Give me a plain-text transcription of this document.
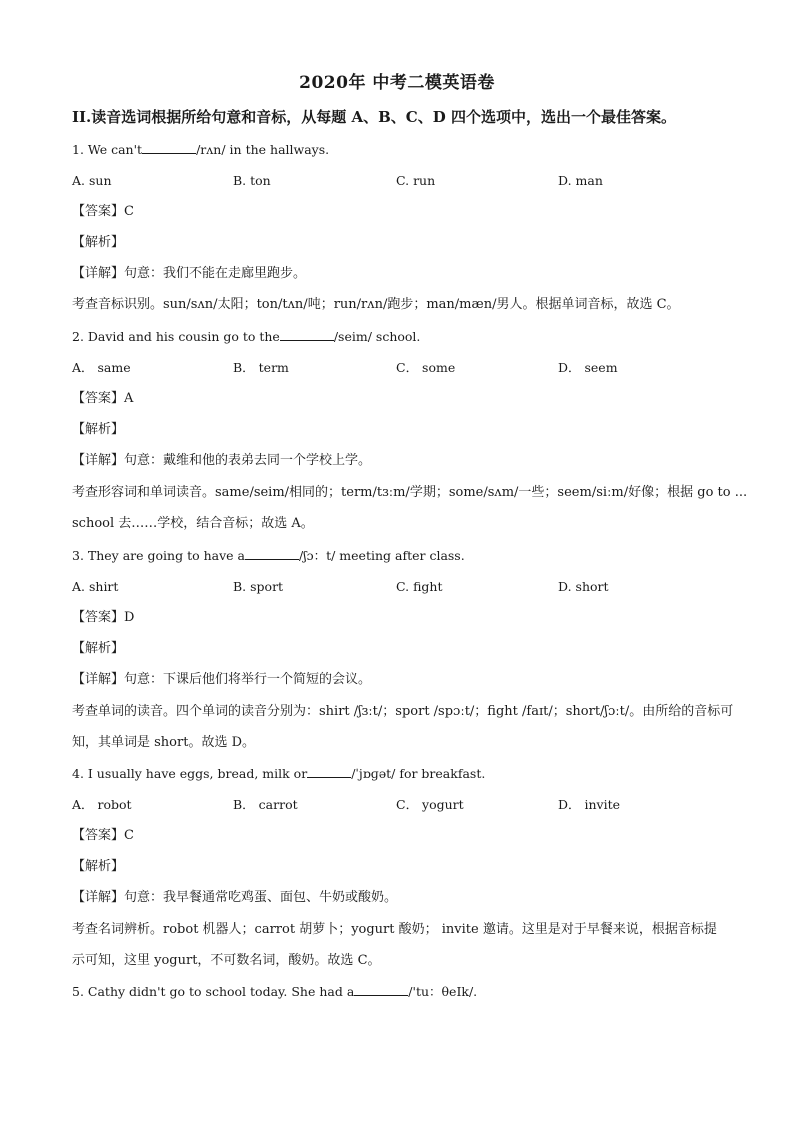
2020年 中考二模英语卷
II.读音选词根据所给句意和音标，从每题 A、B、C、D 四个选项中，选出一个最佳答案。
1. We can't	/rʌn/ in the hallways.
A. sun	B. ton	C. run	D. man
【答案】C
【解析】
【详解】句意：我们不能在走廊里跑步。
考查音标识别。sun/sʌn/太阳；ton/tʌn/吨；run/rʌn/跑步；man/mæn/男人。根据单词音标，故选 C。
2. David and his cousin go to the	/seim/ school.
A． same	B． term	C． some	D． seem
【答案】A
【解析】
【详解】句意：戴维和他的表弟去同一个学校上学。
考查形容词和单词读音。same/seim/相同的；term/tɜːm/学期；some/sʌm/一些；seem/siːm/好像；根据 go to ...
school 去……学校，结合音标；故选 A。
3. They are going to have a	/ʃɔ：t/ meeting after class.
A. shirt	B. sport	C. fight	D. short
【答案】D
【解析】
【详解】句意：下课后他们将举行一个简短的会议。
考查单词的读音。四个单词的读音分别为：shirt /ʃɜːt/；sport /spɔːt/；fight /faɪt/；short/ʃɔːt/。由所给的音标可
知，其单词是 short。故选 D。
4. I usually have eggs, bread, milk or	/ˈjɒɡət/ for breakfast.
A． robot	B． carrot	C． yogurt	D． invite
【答案】C
【解析】
【详解】句意：我早餐通常吃鸡蛋、面包、牛奶或酸奶。
考查名词辨析。robot 机器人；carrot 胡萝卜；yogurt 酸奶； invite 邀请。这里是对于早餐来说，根据音标提
示可知，这里 yogurt，不可数名词，酸奶。故选 C。
5. Cathy didn't go to school today. She had a	/'tu：θeIk/.
